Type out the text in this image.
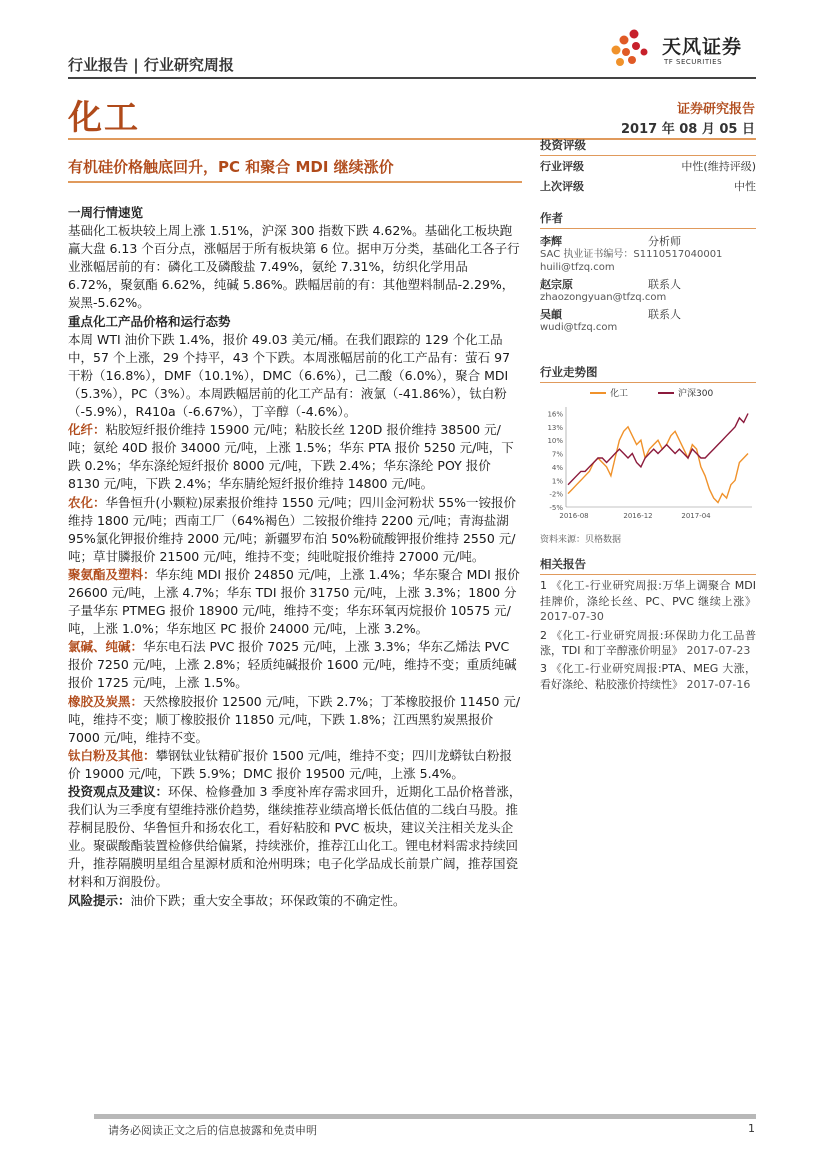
行业报告 | 行业研究周报
天风证券
TF SECURITIES
化工	证券研究报告
2017 年 08 月 05 日
有机硅价格触底回升，PC 和聚合 MDI 继续涨价

一周行情速览

基础化工板块较上周上涨 1.51%，沪深 300 指数下跌 4.62%。基础化工板块跑赢大盘 6.13 个百分点，涨幅居于所有板块第 6 位。据申万分类，基础化工各子行业涨幅居前的有：磷化工及磷酸盐 7.49%，氨纶 7.31%，纺织化学用品 6.72%，聚氨酯 6.62%，纯碱 5.86%。跌幅居前的有：其他塑料制品-2.29%，炭黑-5.62%。

重点化工产品价格和运行态势

本周 WTI 油价下跌 1.4%，报价 49.03 美元/桶。在我们跟踪的 129 个化工品中，57 个上涨，29 个持平，43 个下跌。本周涨幅居前的化工产品有：萤石 97 干粉（16.8%），DMF（10.1%），DMC（6.6%），己二酸（6.0%），聚合 MDI（5.3%），PC（3%）。本周跌幅居前的化工产品有：液氯（-41.86%），钛白粉（-5.9%），R410a（-6.67%），丁辛醇（-4.6%）。

化纤：粘胶短纤报价维持 15900 元/吨；粘胶长丝 120D 报价维持 38500 元/吨；氨纶 40D 报价 34000 元/吨，上涨 1.5%；华东 PTA 报价 5250 元/吨，下跌 0.2%；华东涤纶短纤报价 8000 元/吨，下跌 2.4%；华东涤纶 POY 报价 8130 元/吨，下跌 2.4%；华东腈纶短纤报价维持 14800 元/吨。

农化：华鲁恒升(小颗粒)尿素报价维持 1550 元/吨；四川金河粉状 55%一铵报价维持 1800 元/吨；西南工厂（64%褐色）二铵报价维持 2200 元/吨；青海盐湖 95%氯化钾报价维持 2000 元/吨；新疆罗布泊 50%粉硫酸钾报价维持 2550 元/吨；草甘膦报价 21500 元/吨，维持不变；纯吡啶报价维持 27000 元/吨。

聚氨酯及塑料：华东纯 MDI 报价 24850 元/吨，上涨 1.4%；华东聚合 MDI 报价 26600 元/吨，上涨 4.7%；华东 TDI 报价 31750 元/吨，上涨 3.3%；1800 分子量华东 PTMEG 报价 18900 元/吨，维持不变；华东环氧丙烷报价 10575 元/吨，上涨 1.0%；华东地区 PC 报价 24000 元/吨，上涨 3.2%。

氯碱、纯碱：华东电石法 PVC 报价 7025 元/吨，上涨 3.3%；华东乙烯法 PVC 报价 7250 元/吨，上涨 2.8%；轻质纯碱报价 1600 元/吨，维持不变；重质纯碱报价 1725 元/吨，上涨 1.5%。

橡胶及炭黑：天然橡胶报价 12500 元/吨，下跌 2.7%；丁苯橡胶报价 11450 元/吨，维持不变；顺丁橡胶报价 11850 元/吨，下跌 1.8%；江西黑豹炭黑报价 7000 元/吨，维持不变。

钛白粉及其他：攀钢钛业钛精矿报价 1500 元/吨，维持不变；四川龙蟒钛白粉报价 19000 元/吨，下跌 5.9%；DMC 报价 19500 元/吨，上涨 5.4%。

投资观点及建议：环保、检修叠加 3 季度补库存需求回升，近期化工品价格普涨，我们认为三季度有望维持涨价趋势，继续推荐业绩高增长低估值的二线白马股。推荐桐昆股份、华鲁恒升和扬农化工，看好粘胶和 PVC 板块，建议关注相关龙头企业。聚碳酸酯装置检修供给偏紧，持续涨价，推荐江山化工。锂电材料需求持续回升，推荐隔膜明星组合星源材质和沧州明珠；电子化学品成长前景广阔，推荐国瓷材料和万润股份。

风险提示：油价下跌；重大安全事故；环保政策的不确定性。

投资评级
行业评级	中性(维持评级)
上次评级	中性
作者
李辉	分析师
SAC 执业证书编号：S1110517040001
huili@tfzq.com
赵宗原	联系人
zhaozongyuan@tfzq.com
吴頔	联系人
wudi@tfzq.com
行业走势图
化工	沪深300
16%
13%
10%
7%
4%
1%
-2%
-5%
2016-08	2016-12	2017-04
资料来源：贝格数据
相关报告
1 《化工-行业研究周报:万华上调聚合 MDI 挂牌价，涤纶长丝、PC、PVC 继续上涨》 2017-07-30
2 《化工-行业研究周报:环保助力化工品普涨，TDI 和丁辛醇涨价明显》 2017-07-23
3 《化工-行业研究周报:PTA、MEG 大涨，看好涤纶、粘胶涨价持续性》 2017-07-16
请务必阅读正文之后的信息披露和免责申明	1
